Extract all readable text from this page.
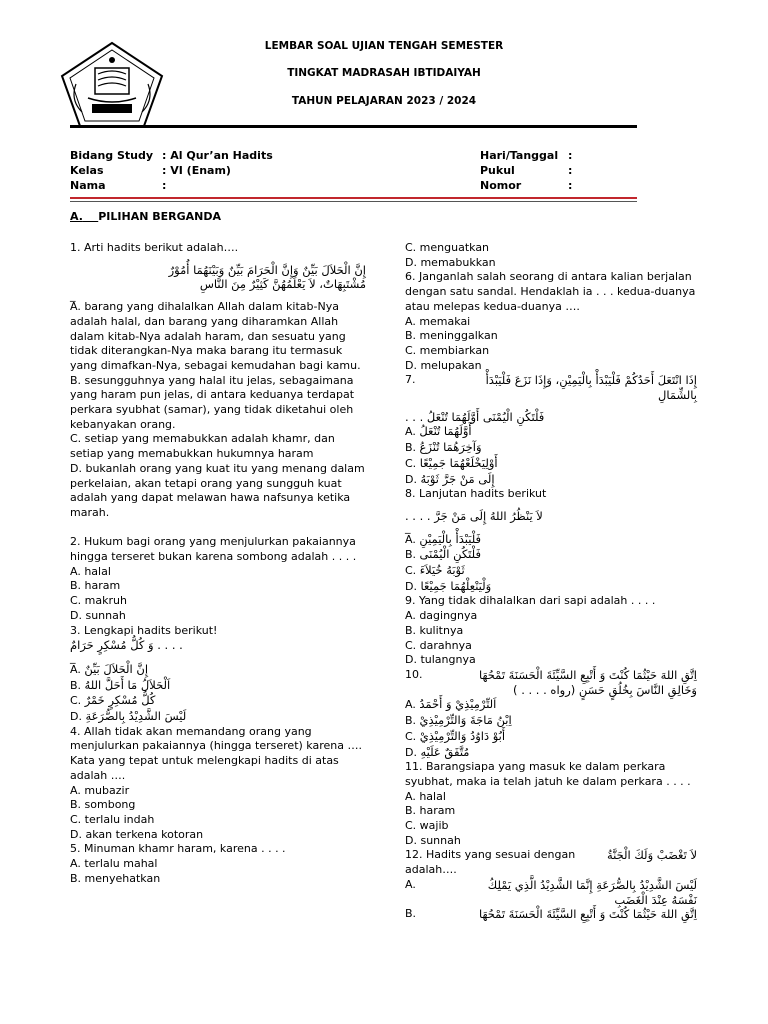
LEMBAR SOAL UJIAN TENGAH SEMESTER
TINGKAT MADRASAH IBTIDAIYAH
TAHUN PELAJARAN 2023 / 2024
Bidang Study : Al Qur’an Hadits
Kelas	: VI (Enam)
Nama	:
Hari/Tanggal :
Pukul	:
Nomor	:
A. PILIHAN BERGANDA

1. Arti hadits berikut adalah….

إِنَّ الْحَلاَلَ بَيِّنٌ وَإِنَّ الْحَرَامَ بَيِّنٌ وَبَيْنَهُمَا أُمُوْرٌ

مُشْتَبِهَاتٌ، لاَ يَعْلَمُهُنَّ كَثِيْرٌ مِنَ النَّاسِ

_

A. barang yang dihalalkan Allah dalam kitab-Nya adalah halal, dan barang yang diharamkan Allah dalam kitab-Nya adalah haram, dan sesuatu yang tidak diterangkan-Nya maka barang itu termasuk yang dimafkan-Nya, sebagai kemudahan bagi kamu.

B. sesungguhnya yang halal itu jelas, sebagaimana yang haram pun jelas, di antara keduanya terdapat perkara syubhat (samar), yang tidak diketahui oleh kebanyakan orang.

C. setiap yang memabukkan adalah khamr, dan setiap yang memabukkan hukumnya haram

D. bukanlah orang yang kuat itu yang menang dalam perkelaian, akan tetapi orang yang sungguh kuat adalah yang dapat melawan hawa nafsunya ketika marah.

2. Hukum bagi orang yang menjulurkan pakaiannya hingga terseret bukan karena sombong adalah . . . .

A. halal

B. haram

C. makruh

D. sunnah

3. Lengkapi hadits berikut!

. . . . وَ كُلُّ مُسْكِرٍ حَرَامٌ

_

A. إِنَّ الْحَلاَلَ بَيِّنٌ

B. اَلْحَلاَلُ مَا أَحَلَّ اللهُ

C. كُلُّ مُسْكِرٍ خَمْرٌ

D. لَيْسَ الشَّدِيْدُ بِالصُّرَعَةِ

4. Allah tidak akan memandang orang yang menjulurkan pakaiannya (hingga terseret) karena ….

Kata yang tepat untuk melengkapi hadits di atas adalah ….

A. mubazir

B. sombong

C. terlalu indah

D. akan terkena kotoran

5. Minuman khamr haram, karena . . . .

A. terlalu mahal

B. menyehatkan

C. menguatkan

D. memabukkan

6. Janganlah salah seorang di antara kalian berjalan dengan satu sandal. Hendaklah ia . . . kedua-duanya atau melepas kedua-duanya ….

A. memakai

B. meninggalkan

C. membiarkan

D. melupakan

7.	إِذَا انْتَعَلَ أَحَدُكُمْ فَلْيَبْدَأْ بِالْيَمِيْنِ، وَإِذَا نَزَعَ فَلْيَبْدَأْ

بِالشِّمَالِ

فَلْتَكُنِ الْيُمْنَى أَوَّلَهُمَا تُنْعَلُ . . .

A. أَوَّلَهُمَا تُنْعَلُ

B. وَآخِرَهُمَا تُنْزَعُ

C. أَوْلِيَخْلَعْهُمَا جَمِيْعًا

D. إِلَى مَنْ جَرَّ ثَوْبَهُ

8. Lanjutan hadits berikut

لاَ يَنْظُرُ اللهُ إِلَى مَنْ جَرَّ . . . .

_

A. فَلْيَبْدَأْ بِالْيَمِيْنِ

B. فَلْتَكُنِ الْيُمْنَى

C. ثَوْبَهُ خُيَلاَءَ

D. وَلْيَنْعِلْهُمَا جَمِيْعًا

9. Yang tidak dihalalkan dari sapi adalah . . . .

A. dagingnya

B. kulitnya

C. darahnya

D. tulangnya

10.	اِتَّقِ اللهَ حَيْثُمَا كُنْتَ وَ أَتْبِعِ السَّيِّئَةَ الْحَسَنَةَ تَمْحُهَا

وَخَالِقِ النَّاسَ بِخُلُقٍ حَسَنٍ (رواه . . . . )

A. اَلتِّرْمِيْذِيْ وَ أَحْمَدُ

B. اِبْنُ مَاجَةَ وَالتِّرْمِيْذِيْ

C. أَبُوْ دَاوُدُ وَالتِّرْمِيْذِيْ

D. مُتَّفَقٌ عَلَيْهِ

11. Barangsiapa yang masuk ke dalam perkara syubhat, maka ia telah jatuh ke dalam perkara . . . .

A. halal

B. haram

C. wajib

D. sunnah

12. Hadits yang sesuai dengan	لاَ تَغْضَبْ وَلَكَ الْجَنَّةُ

adalah….

A.	لَيْسَ الشَّدِيْدُ بِالصُّرَعَةِ إِنَّمَا الشَّدِيْدُ الَّذِي يَمْلِكُ

نَفْسَهُ عِنْدَ الْغَضَبِ

B.	اِتَّقِ اللهَ حَيْثُمَا كُنْتَ وَ أَتْبِعِ السَّيِّئَةَ الْحَسَنَةَ تَمْحُهَا
